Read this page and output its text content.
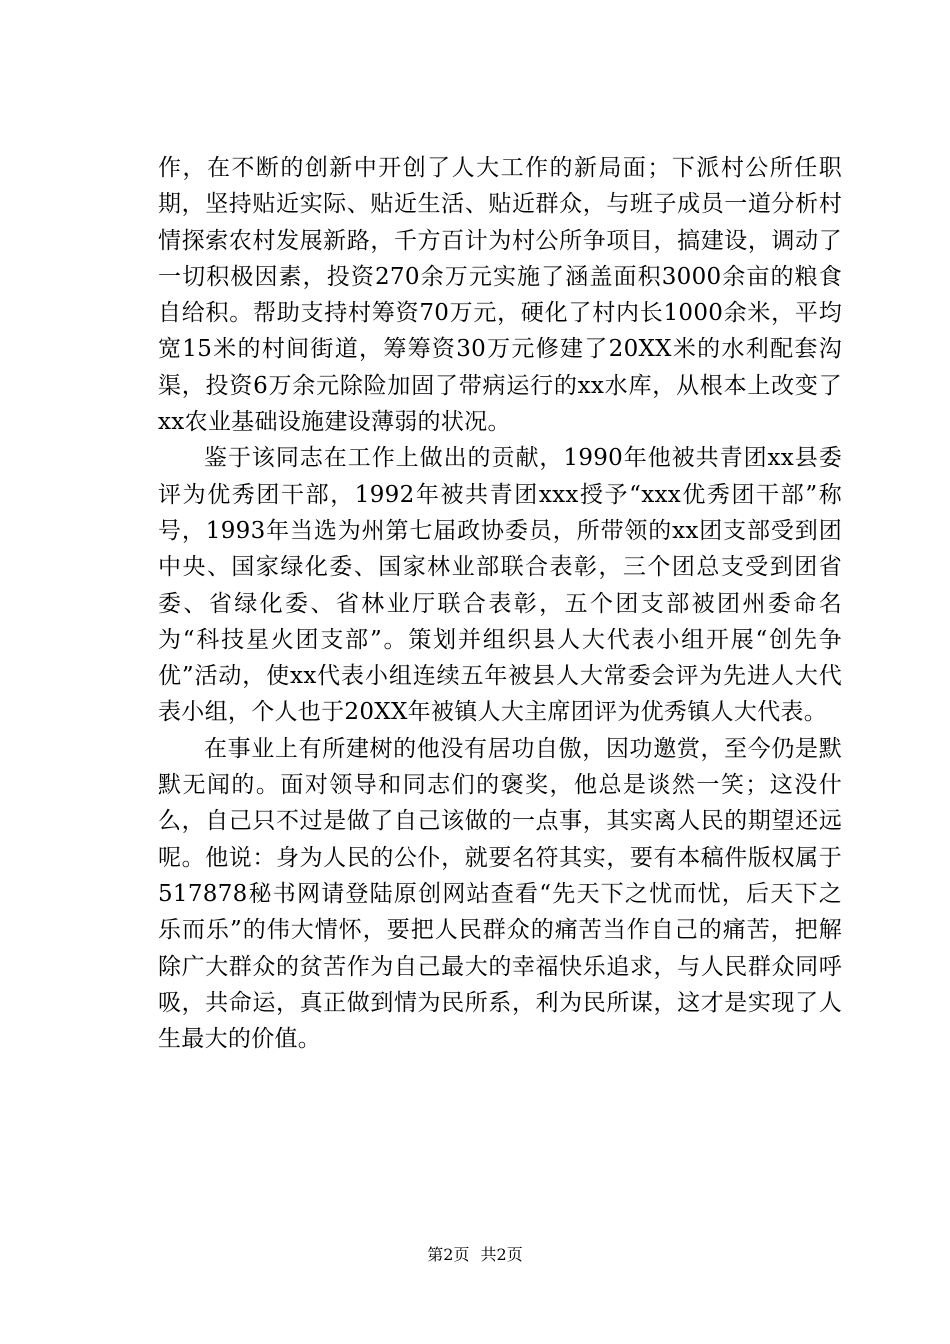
作，在不断的创新中开创了人大工作的新局面；下派村公所任职期，坚持贴近实际、贴近生活、贴近群众，与班子成员一道分析村情探索农村发展新路，千方百计为村公所争项目，搞建设，调动了一切积极因素，投资270余万元实施了涵盖面积3000余亩的粮食自给积。帮助支持村筹资70万元，硬化了村内长1000余米，平均宽15米的村间街道，筹筹资30万元修建了20XX米的水利配套沟渠，投资6万余元除险加固了带病运行的xx水库，从根本上改变了xx农业基础设施建设薄弱的状况。

鉴于该同志在工作上做出的贡献，1990年他被共青团xx县委评为优秀团干部，1992年被共青团xxx授予“xxx优秀团干部”称号，1993年当选为州第七届政协委员，所带领的xx团支部受到团中央、国家绿化委、国家林业部联合表彰，三个团总支受到团省委、省绿化委、省林业厅联合表彰，五个团支部被团州委命名为“科技星火团支部”。策划并组织县人大代表小组开展“创先争优”活动，使xx代表小组连续五年被县人大常委会评为先进人大代表小组，个人也于20XX年被镇人大主席团评为优秀镇人大代表。

在事业上有所建树的他没有居功自傲，因功邀赏，至今仍是默默无闻的。面对领导和同志们的褒奖，他总是谈然一笑；这没什么，自己只不过是做了自己该做的一点事，其实离人民的期望还远呢。他说：身为人民的公仆，就要名符其实，要有本稿件版权属于517878秘书网请登陆原创网站查看“先天下之忧而忧，后天下之乐而乐”的伟大情怀，要把人民群众的痛苦当作自己的痛苦，把解除广大群众的贫苦作为自己最大的幸福快乐追求，与人民群众同呼吸，共命运，真正做到情为民所系，利为民所谋，这才是实现了人生最大的价值。

第2页 共2页
